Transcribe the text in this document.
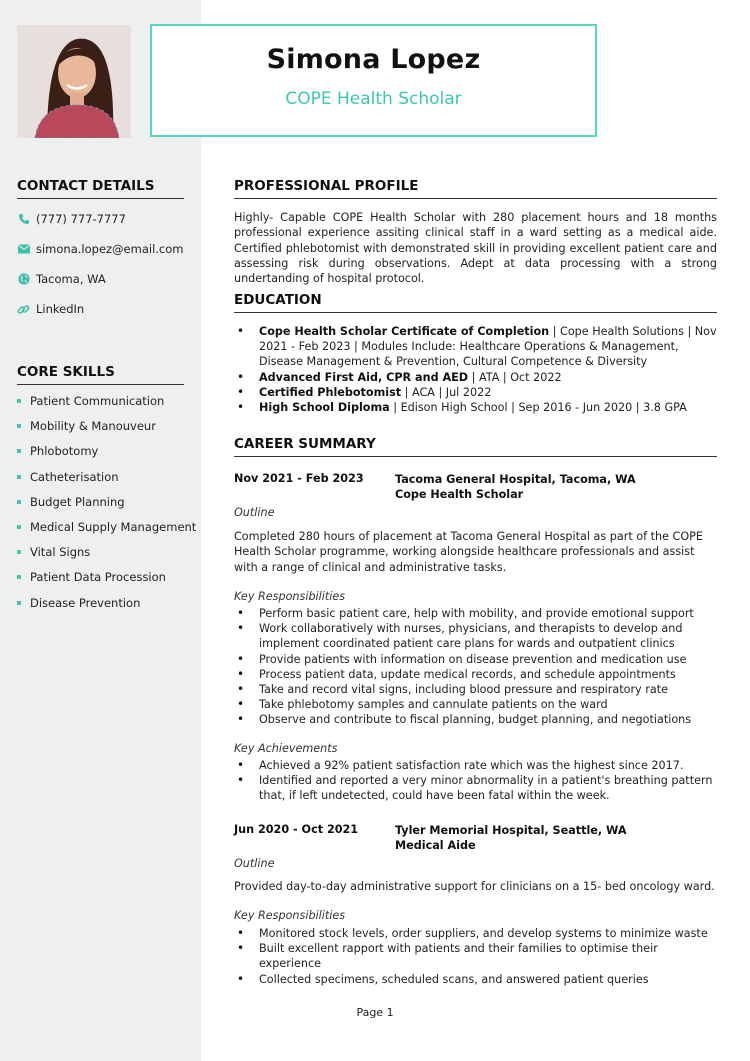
Simona Lopez
COPE Health Scholar
CONTACT DETAILS
(777) 777-7777
simona.lopez@email.com
Tacoma, WA
LinkedIn
CORE SKILLS
Patient Communication
Mobility & Manouveur
Phlobotomy
Catheterisation
Budget Planning
Medical Supply Management
Vital Signs
Patient Data Procession
Disease Prevention
PROFESSIONAL PROFILE
Highly- Capable COPE Health Scholar with 280 placement hours and 18 months professional experience assiting clinical staff in a ward setting as a medical aide. Certified phlebotomist with demonstrated skill in providing excellent patient care and assessing risk during observations. Adept at data processing with a strong undertanding of hospital protocol.
EDUCATION
• Cope Health Scholar Certificate of Completion | Cope Health Solutions | Nov 2021 - Feb 2023 | Modules Include: Healthcare Operations & Management, Disease Management & Prevention, Cultural Competence & Diversity
• Advanced First Aid, CPR and AED | ATA | Oct 2022
• Certified Phlebotomist | ACA | Jul 2022
• High School Diploma | Edison High School | Sep 2016 - Jun 2020 | 3.8 GPA
CAREER SUMMARY
Nov 2021 - Feb 2023	Tacoma General Hospital, Tacoma, WA
Cope Health Scholar
Outline
Completed 280 hours of placement at Tacoma General Hospital as part of the COPE Health Scholar programme, working alongside healthcare professionals and assist with a range of clinical and administrative tasks.
Key Responsibilities
• Perform basic patient care, help with mobility, and provide emotional support
• Work collaboratively with nurses, physicians, and therapists to develop and implement coordinated patient care plans for wards and outpatient clinics
• Provide patients with information on disease prevention and medication use
• Process patient data, update medical records, and schedule appointments
• Take and record vital signs, including blood pressure and respiratory rate
• Take phlebotomy samples and cannulate patients on the ward
• Observe and contribute to fiscal planning, budget planning, and negotiations
Key Achievements
• Achieved a 92% patient satisfaction rate which was the highest since 2017.
• Identified and reported a very minor abnormality in a patient's breathing pattern that, if left undetected, could have been fatal within the week.
Jun 2020 - Oct 2021	Tyler Memorial Hospital, Seattle, WA
Medical Aide
Outline
Provided day-to-day administrative support for clinicians on a 15- bed oncology ward.
Key Responsibilities
• Monitored stock levels, order suppliers, and develop systems to minimize waste
• Built excellent rapport with patients and their families to optimise their experience
• Collected specimens, scheduled scans, and answered patient queries
Page 1
